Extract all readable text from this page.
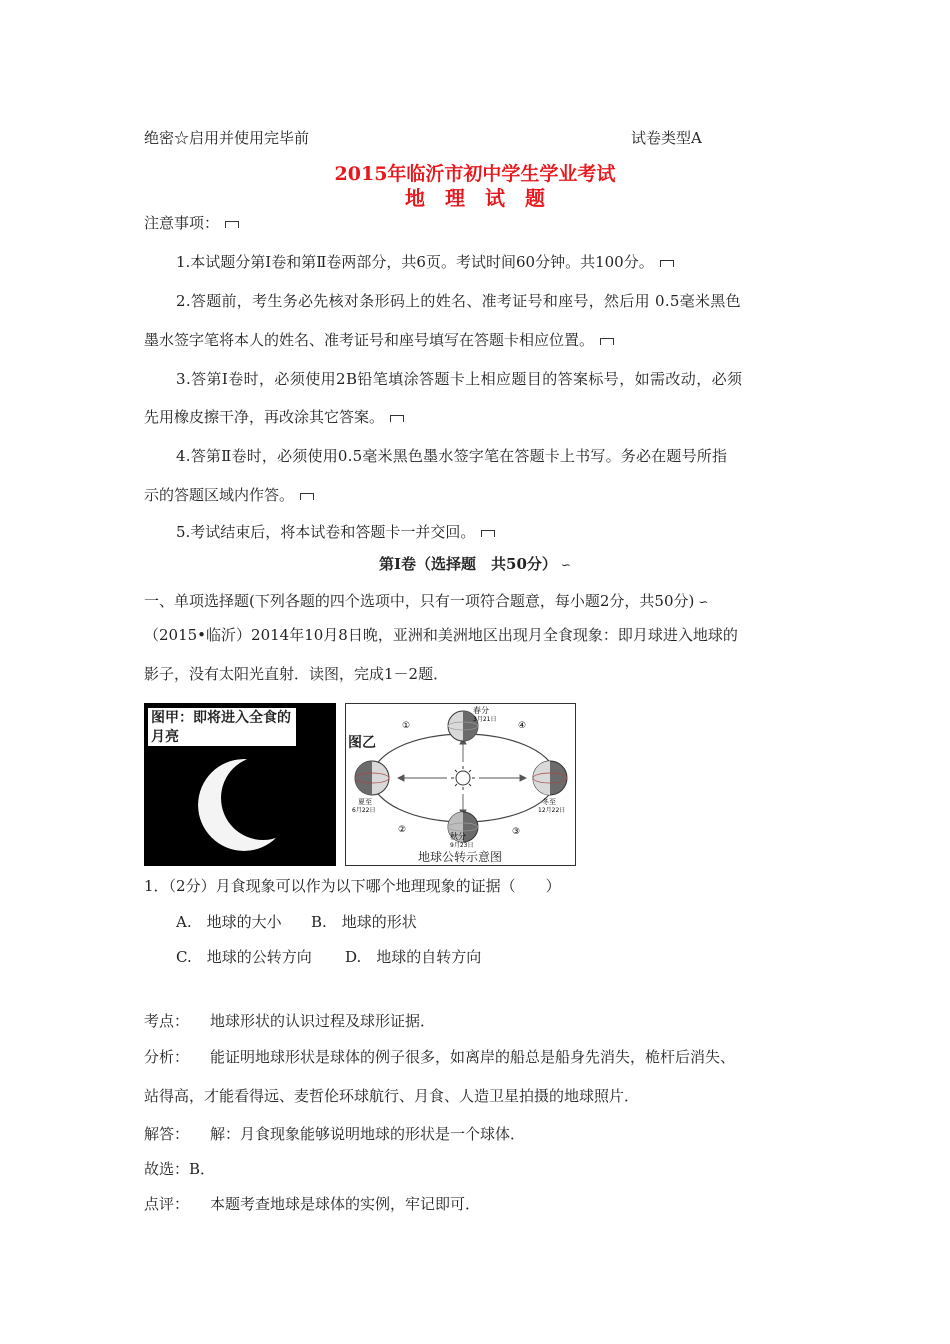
绝密☆启用并使用完毕前	试卷类型A
2015年临沂市初中学生学业考试
地　理　试　题
注意事项：
1.本试题分第Ⅰ卷和第Ⅱ卷两部分，共6页。考试时间60分钟。共100分。
2.答题前，考生务必先核对条形码上的姓名、准考证号和座号，然后用 0.5毫米黑色
墨水签字笔将本人的姓名、准考证号和座号填写在答题卡相应位置。
3.答第Ⅰ卷时，必须使用2B铅笔填涂答题卡上相应题目的答案标号，如需改动，必须
先用橡皮擦干净，再改涂其它答案。
4.答第Ⅱ卷时，必须使用0.5毫米黑色墨水签字笔在答题卡上书写。务必在题号所指
示的答题区域内作答。
5.考试结束后，将本试卷和答题卡一并交回。
第Ⅰ卷（选择题　共50分） ∽
一、单项选择题(下列各题的四个选项中，只有一项符合题意，每小题2分，共50分) ∽
（2015•临沂）2014年10月8日晚，亚洲和美洲地区出现月全食现象：即月球进入地球的
影子，没有太阳光直射．读图，完成1－2题．
图甲：即将进入全食的月亮
春分
3月21日
秋分
9月23日
夏至
6月22日
冬至
12月22日
①
②	③
④
图乙
地球公转示意图
1．（2分）月食现象可以作为以下哪个地理现象的证据（　　）
A.　地球的大小 B.　地球的形状
C.　地球的公转方向 D.　地球的自转方向
考点： 地球形状的认识过程及球形证据．
分析： 能证明地球形状是球体的例子很多，如离岸的船总是船身先消失，桅杆后消失、
站得高，才能看得远、麦哲伦环球航行、月食、人造卫星拍摄的地球照片．
解答： 解：月食现象能够说明地球的形状是一个球体．
故选：B．
点评： 本题考查地球是球体的实例，牢记即可．
